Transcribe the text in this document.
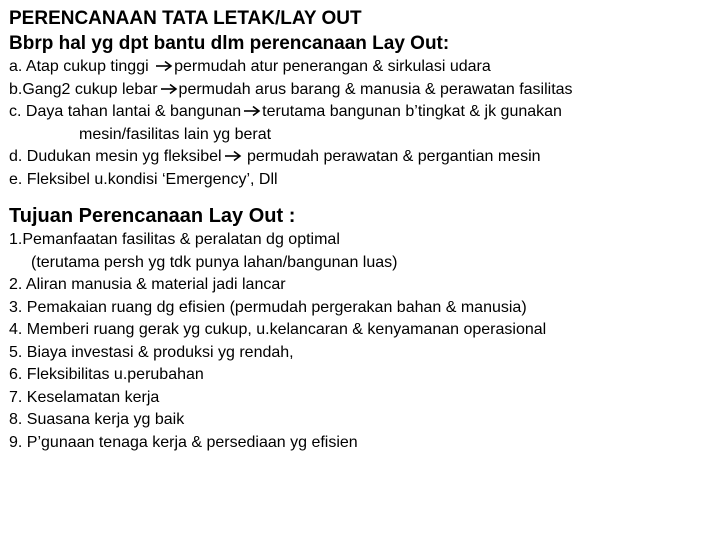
PERENCANAAN TATA LETAK/LAY OUT
Bbrp hal yg dpt bantu dlm perencanaan Lay Out:
a. Atap cukup tinggi permudah atur penerangan & sirkulasi udara
b.Gang2 cukup lebar permudah arus barang & manusia & perawatan fasilitas
c. Daya tahan lantai & bangunan terutama bangunan b’tingkat & jk gunakan
mesin/fasilitas lain yg berat
d. Dudukan mesin yg fleksibel permudah perawatan & pergantian mesin
e. Fleksibel u.kondisi ‘Emergency’, Dll
Tujuan Perencanaan Lay Out :
1.Pemanfaatan fasilitas & peralatan dg optimal
(terutama persh yg tdk punya lahan/bangunan luas)
2. Aliran manusia & material jadi lancar
3. Pemakaian ruang dg efisien (permudah pergerakan bahan & manusia)
4. Memberi ruang gerak yg cukup, u.kelancaran & kenyamanan operasional
5. Biaya investasi & produksi yg rendah,
6. Fleksibilitas u.perubahan
7. Keselamatan kerja
8. Suasana kerja yg baik
9. P’gunaan tenaga kerja & persediaan yg efisien
